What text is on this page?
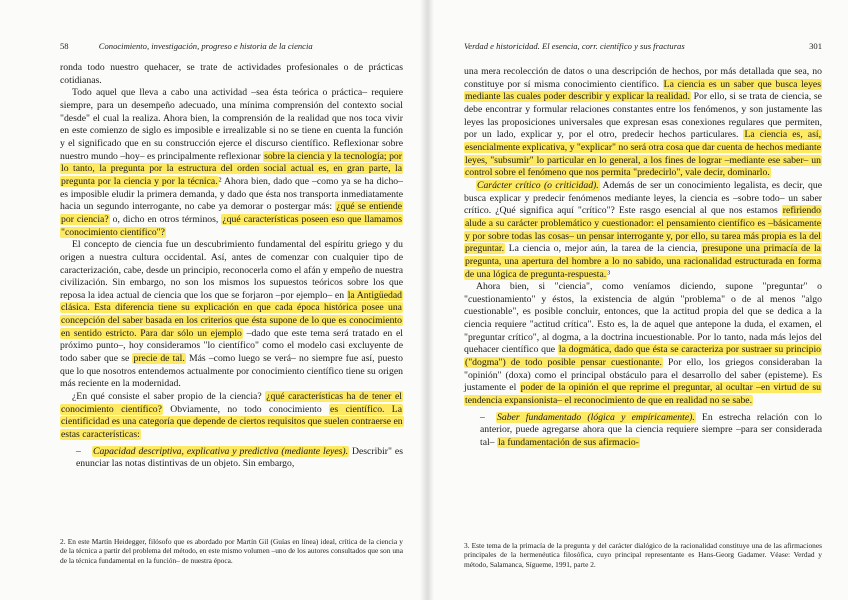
58	Conocimiento, investigación, progreso e historia de la ciencia

ronda todo nuestro quehacer, se trate de actividades profesionales o de prácticas cotidianas.

Todo aquel que lleva a cabo una actividad –sea ésta teórica o práctica– requiere siempre, para un desempeño adecuado, una mínima comprensión del contexto social "desde" el cual la realiza. Ahora bien, la comprensión de la realidad que nos toca vivir en este comienzo de siglo es imposible e irrealizable si no se tiene en cuenta la función y el significado que en su construcción ejerce el discurso científico. Reflexionar sobre nuestro mundo –hoy– es principalmente reflexionar sobre la ciencia y la tecnología; por lo tanto, la pregunta por la estructura del orden social actual es, en gran parte, la pregunta por la ciencia y por la técnica.² Ahora bien, dado que –como ya se ha dicho– es imposible eludir la primera demanda, y dado que ésta nos transporta inmediatamente hacia un segundo interrogante, no cabe ya demorar o postergar más: ¿qué se entiende por ciencia? o, dicho en otros términos, ¿qué características poseen eso que llamamos "conocimiento científico"?

El concepto de ciencia fue un descubrimiento fundamental del espíritu griego y du origen a nuestra cultura occidental. Así, antes de comenzar con cualquier tipo de caracterización, cabe, desde un principio, reconocerla como el afán y empeño de nuestra civilización. Sin embargo, no son los mismos los supuestos teóricos sobre los que reposa la idea actual de ciencia que los que se forjaron –por ejemplo– en la Antigüedad clásica. Esta diferencia tiene su explicación en que cada época histórica posee una concepción del saber basada en los criterios que ésta supone de lo que es conocimiento en sentido estricto. Para dar sólo un ejemplo –dado que este tema será tratado en el próximo punto–, hoy consideramos "lo científico" como el modelo casi excluyente de todo saber que se precie de tal. Más –como luego se verá– no siempre fue así, puesto que lo que nosotros entendemos actualmente por conocimiento científico tiene su origen más reciente en la modernidad.

¿En qué consiste el saber propio de la ciencia? ¿qué características ha de tener el conocimiento científico? Obviamente, no todo conocimiento es científico. La cientificidad es una categoría que depende de ciertos requisitos que suelen contraerse en estas características:

– Capacidad descriptiva, explicativa y predictiva (mediante leyes). Describir" es enunciar las notas distintivas de un objeto. Sin embargo,

2. En este Martín Heidegger, filósofo que es abordado por Martín Gil (Guías en línea) ideal, crítica de la ciencia y de la técnica a partir del problema del método, en este mismo volumen –uno de los autores consultados que son una de la técnica fundamental en la función– de nuestra época.
Verdad e historicidad. El esencia, corr. científico y sus fracturas	301

una mera recolección de datos o una descripción de hechos, por más detallada que sea, no constituye por sí misma conocimiento científico. La ciencia es un saber que busca leyes mediante las cuales poder describir y explicar la realidad. Por ello, si se trata de ciencia, se debe encontrar y formular relaciones constantes entre los fenómenos, y son justamente las leyes las proposiciones universales que expresan esas conexiones regulares que permiten, por un lado, explicar y, por el otro, predecir hechos particulares. La ciencia es, así, esencialmente explicativa, y "explicar" no será otra cosa que dar cuenta de hechos mediante leyes, "subsumir" lo particular en lo general, a los fines de lograr –mediante ese saber– un control sobre el fenómeno que nos permita "predecirlo", vale decir, dominarlo.

Carácter crítico (o criticidad). Además de ser un conocimiento legalista, es decir, que busca explicar y predecir fenómenos mediante leyes, la ciencia es –sobre todo– un saber crítico. ¿Qué significa aquí "crítico"? Este rasgo esencial al que nos estamos refiriendo alude a su carácter problemático y cuestionador: el pensamiento científico es –básicamente y por sobre todas las cosas– un pensar interrogante y, por ello, su tarea más propia es la del preguntar. La ciencia o, mejor aún, la tarea de la ciencia, presupone una primacía de la pregunta, una apertura del hombre a lo no sabido, una racionalidad estructurada en forma de una lógica de pregunta-respuesta.³

Ahora bien, si "ciencia", como veníamos diciendo, supone "preguntar" o "cuestionamiento" y éstos, la existencia de algún "problema" o de al menos "algo cuestionable", es posible concluir, entonces, que la actitud propia del que se dedica a la ciencia requiere "actitud crítica". Esto es, la de aquel que antepone la duda, el examen, el "preguntar crítico", al dogma, a la doctrina incuestionable. Por lo tanto, nada más lejos del quehacer científico que la dogmática, dado que ésta se caracteriza por sustraer su principio ("dogma") de todo posible pensar cuestionante. Por ello, los griegos consideraban la "opinión" (doxa) como el principal obstáculo para el desarrollo del saber (episteme). Es justamente el poder de la opinión el que reprime el preguntar, al ocultar –en virtud de su tendencia expansionista– el reconocimiento de que en realidad no se sabe.

– Saber fundamentado (lógica y empíricamente). En estrecha relación con lo anterior, puede agregarse ahora que la ciencia requiere siempre –para ser considerada tal– la fundamentación de sus afirmacio-

3. Este tema de la primacía de la pregunta y del carácter dialógico de la racionalidad constituye una de las afirmaciones principales de la hermenéutica filosófica, cuyo principal representante es Hans-Georg Gadamer. Véase: Verdad y método, Salamanca, Sígueme, 1991, parte 2.
